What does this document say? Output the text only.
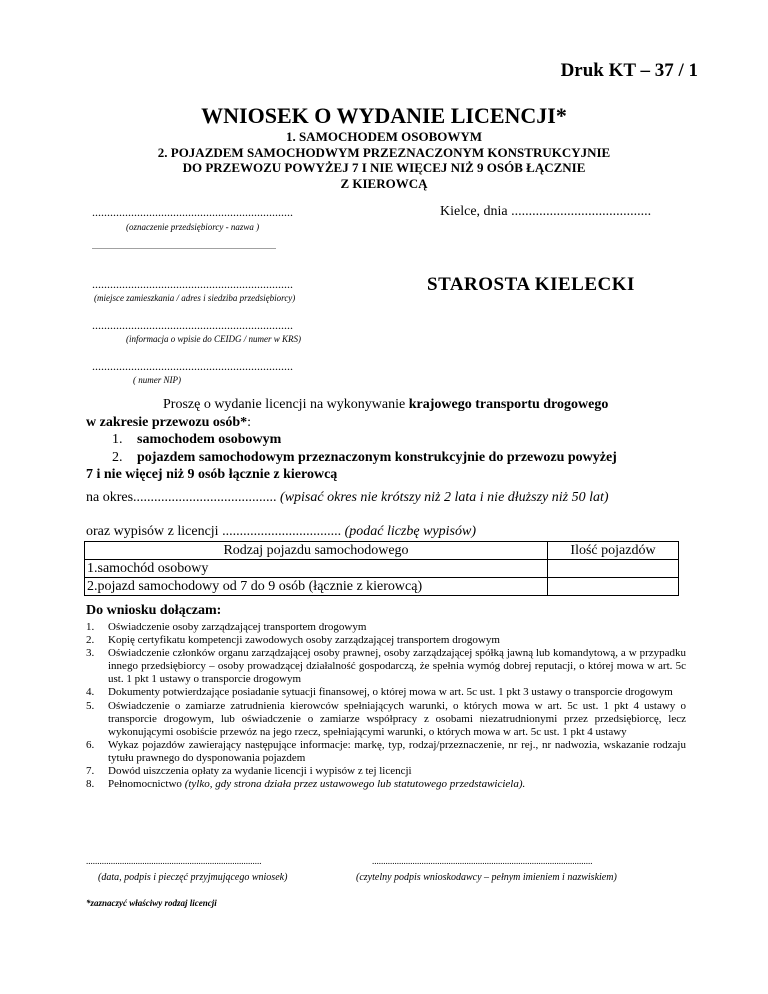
Druk KT – 37 / 1
WNIOSEK O WYDANIE LICENCJI*
1. SAMOCHODEM OSOBOWYM
2. POJAZDEM SAMOCHODWYM PRZEZNACZONYM KONSTRUKCYJNIE
DO PRZEWOZU POWYŻEJ 7 I NIE WIĘCEJ NIŻ 9 OSÓB ŁĄCZNIE
Z KIEROWCĄ
...................................................................
(oznaczenie przedsiębiorcy - nazwa )
............................................................................................
...................................................................
(miejsce zamieszkania / adres i siedziba przedsiębiorcy)
...................................................................
(informacja o wpisie do CEIDG / numer w KRS)
...................................................................
( numer NIP)
Kielce, dnia ........................................
STAROSTA KIELECKI
Proszę o wydanie licencji na wykonywanie krajowego transportu drogowego
w zakresie przewozu osób*:
1. samochodem osobowym
2. pojazdem samochodowym przeznaczonym konstrukcyjnie do przewozu powyżej
7 i nie więcej niż 9 osób łącznie z kierowcą
na okres......................................... (wpisać okres nie krótszy niż 2 lata i nie dłuższy niż 50 lat)
oraz wypisów z licencji .................................. (podać liczbę wypisów)
Rodzaj pojazdu samochodowego	Ilość pojazdów
1.samochód osobowy	
2.pojazd samochodowy od 7 do 9 osób (łącznie z kierowcą)	
Do wniosku dołączam:
1.	Oświadczenie osoby zarządzającej transportem drogowym
2.	Kopię certyfikatu kompetencji zawodowych osoby zarządzającej transportem drogowym
3.	Oświadczenie członków organu zarządzającej osoby prawnej, osoby zarządzającej spółką jawną lub komandytową, a w przypadku innego przedsiębiorcy – osoby prowadzącej działalność gospodarczą, że spełnia wymóg dobrej reputacji, o której mowa w art. 5c ust. 1 pkt 1 ustawy o transporcie drogowym
4.	Dokumenty potwierdzające posiadanie sytuacji finansowej, o której mowa w art. 5c ust. 1 pkt 3 ustawy o transporcie drogowym
5.	Oświadczenie o zamiarze zatrudnienia kierowców spełniających warunki, o których mowa w art. 5c ust. 1 pkt 4 ustawy o transporcie drogowym, lub oświadczenie o zamiarze współpracy z osobami niezatrudnionymi przez przedsiębiorcę, lecz wykonującymi osobiście przewóz na jego rzecz, spełniającymi warunki, o których mowa w art. 5c ust. 1 pkt 4 ustawy
6.	Wykaz pojazdów zawierający następujące informacje: markę, typ, rodzaj/przeznaczenie, nr rej., nr nadwozia, wskazanie rodzaju tytułu prawnego do dysponowania pojazdem
7.	Dowód uiszczenia opłaty za wydanie licencji i wypisów z tej licencji
8.	Pełnomocnictwo (tylko, gdy strona działa przez ustawowego lub statutowego przedstawiciela).
..............................................................................
(data, podpis i pieczęć przyjmującego wniosek)
..................................................................................................
(czytelny podpis wnioskodawcy – pełnym imieniem i nazwiskiem)
*zaznaczyć właściwy rodzaj licencji
